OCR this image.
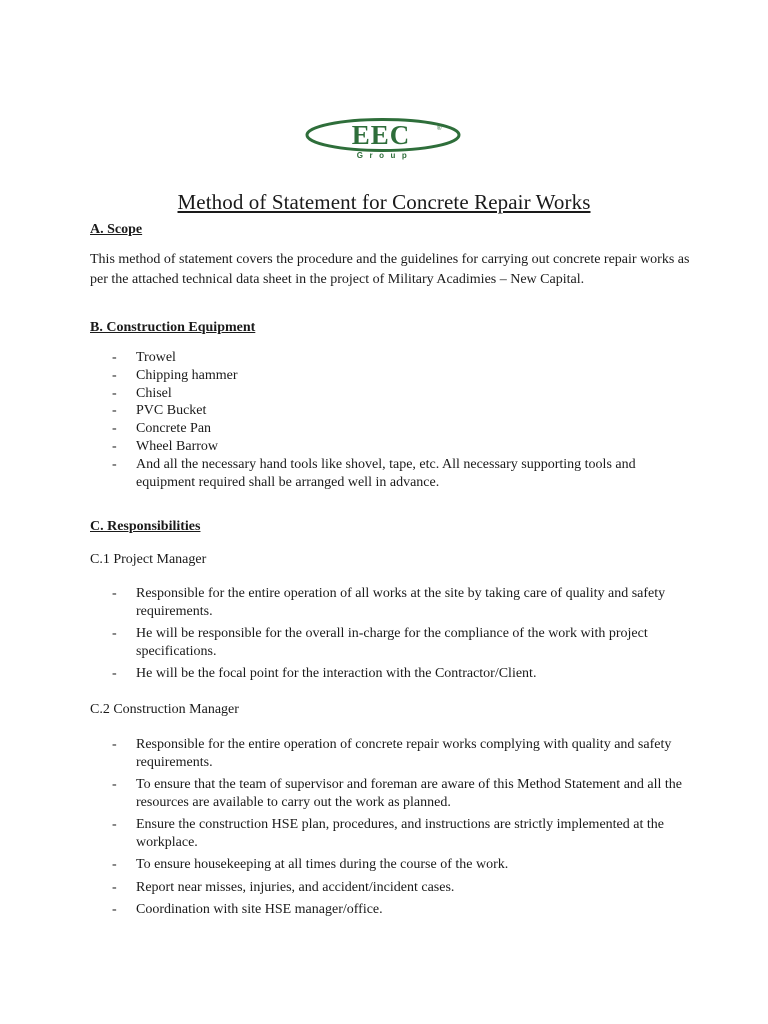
EEC	®
Group
Method of Statement for Concrete Repair Works
A. Scope
This method of statement covers the procedure and the guidelines for carrying out concrete repair works as per the attached technical data sheet in the project of Military Acadimies – New Capital.
B. Construction Equipment
- Trowel
- Chipping hammer
- Chisel
- PVC Bucket
- Concrete Pan
- Wheel Barrow
- And all the necessary hand tools like shovel, tape, etc. All necessary supporting tools and equipment required shall be arranged well in advance.
C. Responsibilities
C.1 Project Manager
- Responsible for the entire operation of all works at the site by taking care of quality and safety requirements.
- He will be responsible for the overall in-charge for the compliance of the work with project specifications.
- He will be the focal point for the interaction with the Contractor/Client.
C.2 Construction Manager
- Responsible for the entire operation of concrete repair works complying with quality and safety requirements.
- To ensure that the team of supervisor and foreman are aware of this Method Statement and all the resources are available to carry out the work as planned.
- Ensure the construction HSE plan, procedures, and instructions are strictly implemented at the workplace.
- To ensure housekeeping at all times during the course of the work.
- Report near misses, injuries, and accident/incident cases.
- Coordination with site HSE manager/office.
